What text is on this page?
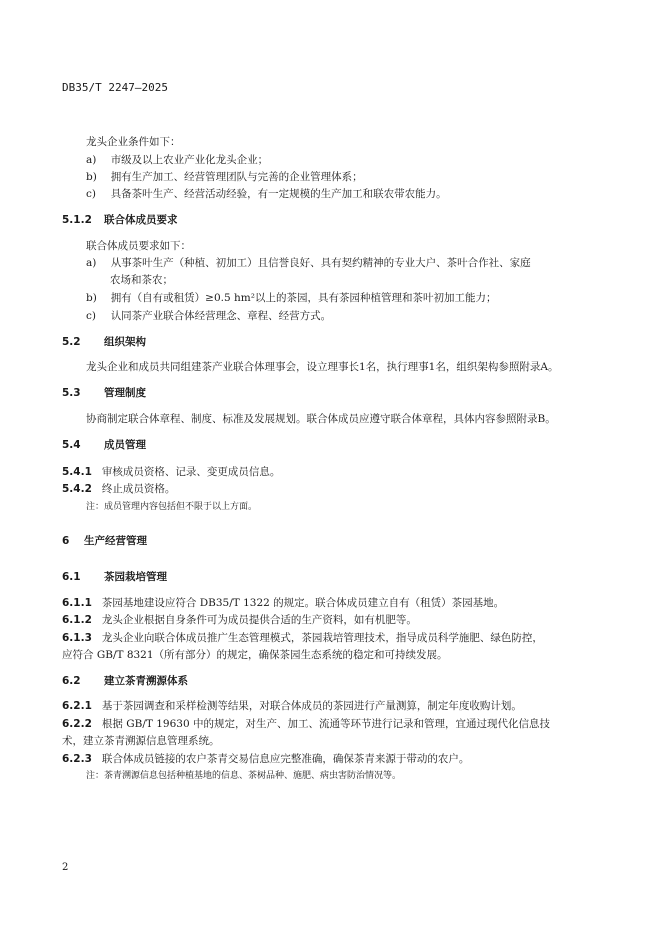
DB35/T 2247—2025
龙头企业条件如下：
a) 市级及以上农业产业化龙头企业；
b) 拥有生产加工、经营管理团队与完善的企业管理体系；
c) 具备茶叶生产、经营活动经验，有一定规模的生产加工和联农带农能力。
5.1.2 联合体成员要求
联合体成员要求如下：
a) 从事茶叶生产（种植、初加工）且信誉良好、具有契约精神的专业大户、茶叶合作社、家庭
农场和茶农；
b) 拥有（自有或租赁）≥0.5 hm²以上的茶园，具有茶园种植管理和茶叶初加工能力；
c) 认同茶产业联合体经营理念、章程、经营方式。
5.2 组织架构
龙头企业和成员共同组建茶产业联合体理事会，设立理事长1名，执行理事1名，组织架构参照附录A。
5.3 管理制度
协商制定联合体章程、制度、标准及发展规划。联合体成员应遵守联合体章程，具体内容参照附录B。
5.4 成员管理
5.4.1 审核成员资格、记录、变更成员信息。
5.4.2 终止成员资格。
注：成员管理内容包括但不限于以上方面。
6 生产经营管理
6.1 茶园栽培管理
6.1.1 茶园基地建设应符合 DB35/T 1322 的规定。联合体成员建立自有（租赁）茶园基地。
6.1.2 龙头企业根据自身条件可为成员提供合适的生产资料，如有机肥等。
6.1.3 龙头企业向联合体成员推广生态管理模式，茶园栽培管理技术，指导成员科学施肥、绿色防控，
应符合 GB/T 8321（所有部分）的规定，确保茶园生态系统的稳定和可持续发展。
6.2 建立茶青溯源体系
6.2.1 基于茶园调查和采样检测等结果，对联合体成员的茶园进行产量测算，制定年度收购计划。
6.2.2 根据 GB/T 19630 中的规定，对生产、加工、流通等环节进行记录和管理，宜通过现代化信息技
术，建立茶青溯源信息管理系统。
6.2.3 联合体成员链接的农户茶青交易信息应完整准确，确保茶青来源于带动的农户。
注：茶青溯源信息包括种植基地的信息、茶树品种、施肥、病虫害防治情况等。
2
